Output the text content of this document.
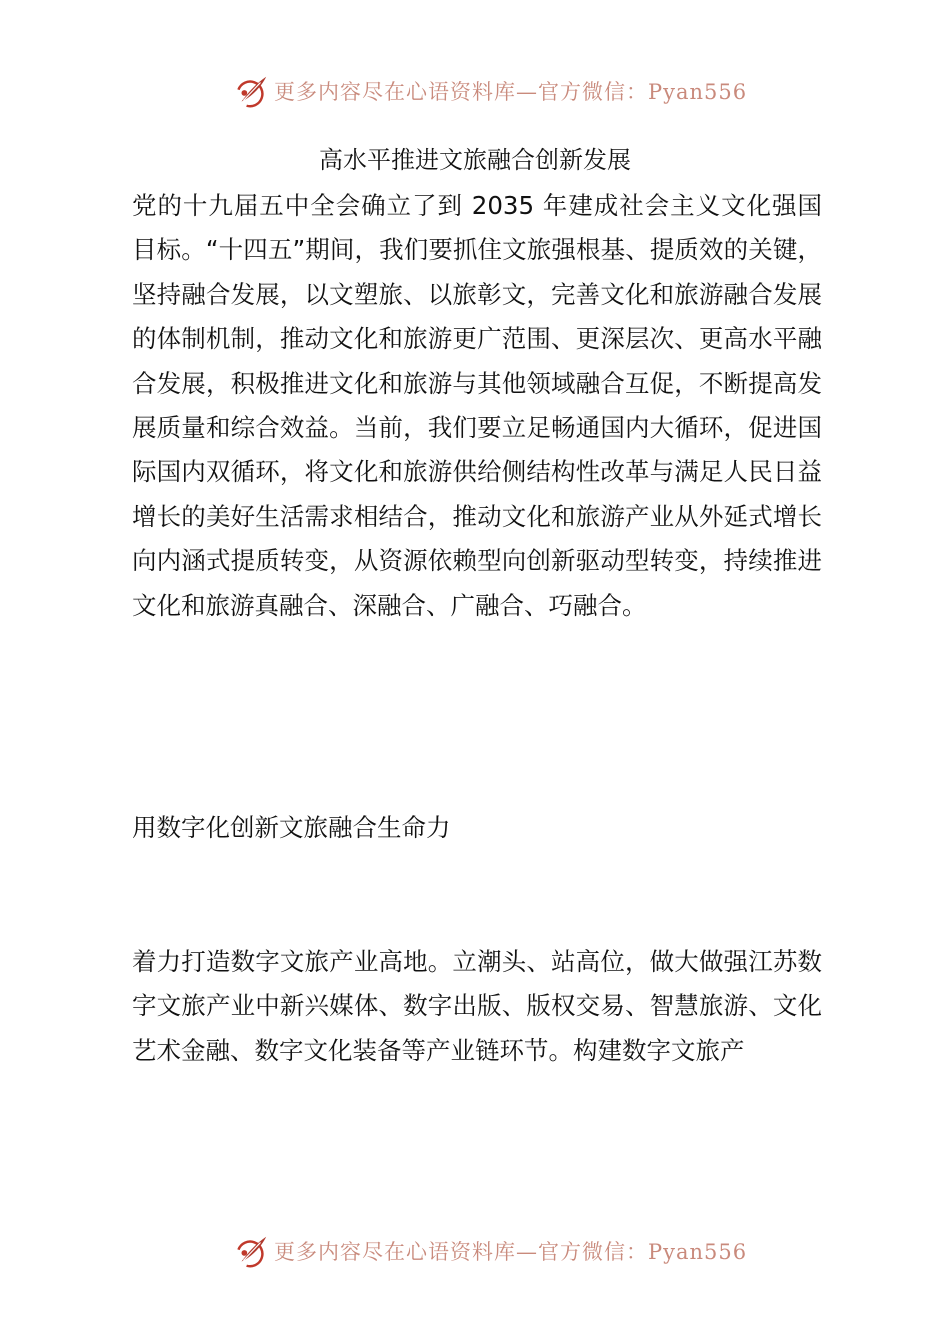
更多内容尽在心语资料库—官方微信：Pyan556
高水平推进文旅融合创新发展

党的十九届五中全会确立了到 2035 年建成社会主义文化强国目标。“十四五”期间，我们要抓住文旅强根基、提质效的关键，坚持融合发展，以文塑旅、以旅彰文，完善文化和旅游融合发展的体制机制，推动文化和旅游更广范围、更深层次、更高水平融合发展，积极推进文化和旅游与其他领域融合互促，不断提高发展质量和综合效益。当前，我们要立足畅通国内大循环，促进国际国内双循环，将文化和旅游供给侧结构性改革与满足人民日益增长的美好生活需求相结合，推动文化和旅游产业从外延式增长向内涵式提质转变，从资源依赖型向创新驱动型转变，持续推进文化和旅游真融合、深融合、广融合、巧融合。

用数字化创新文旅融合生命力

着力打造数字文旅产业高地。立潮头、站高位，做大做强江苏数字文旅产业中新兴媒体、数字出版、版权交易、智慧旅游、文化艺术金融、数字文化装备等产业链环节。构建数字文旅产

更多内容尽在心语资料库—官方微信：Pyan556
